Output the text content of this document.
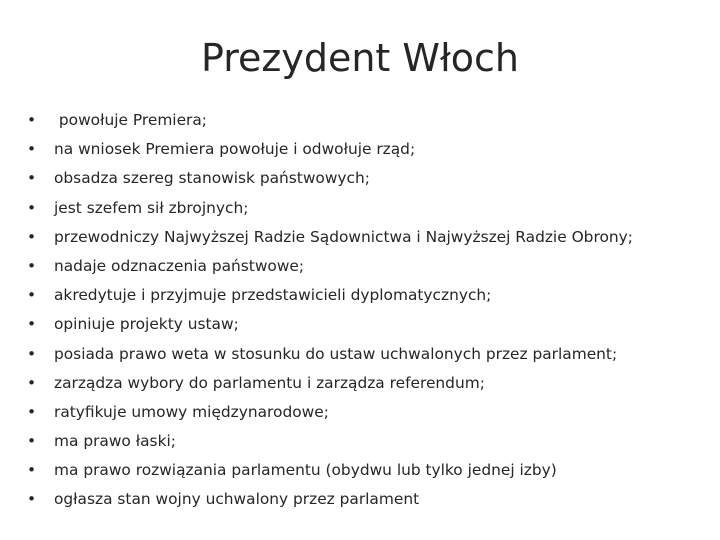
Prezydent Włoch
•	powołuje Premiera;
•	na wniosek Premiera powołuje i odwołuje rząd;
•	obsadza szereg stanowisk państwowych;
•	jest szefem sił zbrojnych;
•	przewodniczy Najwyższej Radzie Sądownictwa i Najwyższej Radzie Obrony;
•	nadaje odznaczenia państwowe;
•	akredytuje i przyjmuje przedstawicieli dyplomatycznych;
•	opiniuje projekty ustaw;
•	posiada prawo weta w stosunku do ustaw uchwalonych przez parlament;
•	zarządza wybory do parlamentu i zarządza referendum;
•	ratyfikuje umowy międzynarodowe;
•	ma prawo łaski;
•	ma prawo rozwiązania parlamentu (obydwu lub tylko jednej izby)
•	ogłasza stan wojny uchwalony przez parlament
